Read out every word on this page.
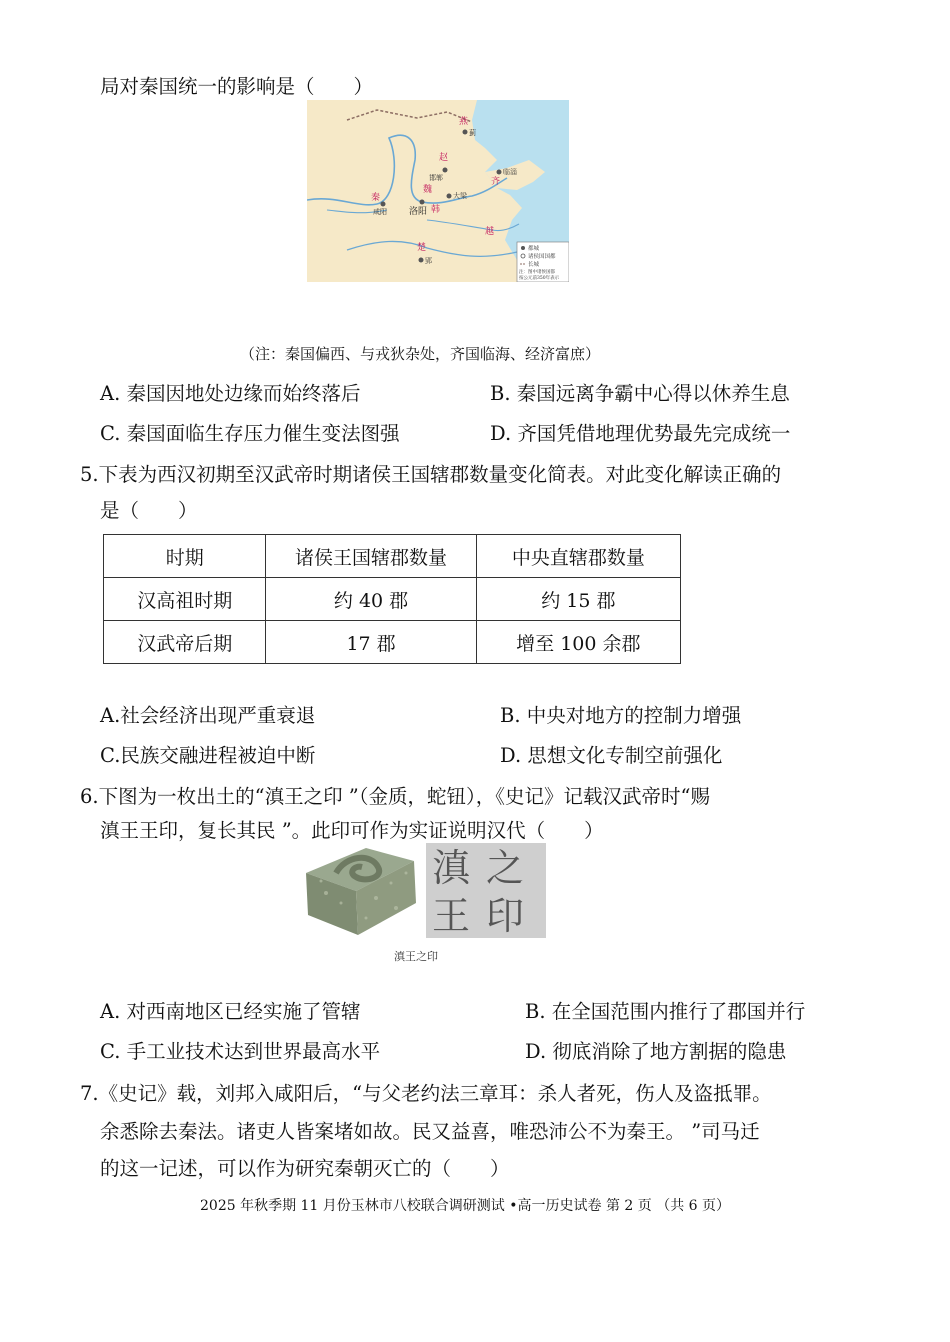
局对秦国统一的影响是（　　）
燕
蓟
赵
邯郸
临淄
齐
魏
大梁
秦
咸阳 洛阳 韩
楚
郢
越
都城
诸侯国国都
长城
注：图中诸侯国都
按公元前350年表示
（注：秦国偏西、与戎狄杂处，齐国临海、经济富庶）
A. 秦国因地处边缘而始终落后	B. 秦国远离争霸中心得以休养生息
C. 秦国面临生存压力催生变法图强	D. 齐国凭借地理优势最先完成统一
5.下表为西汉初期至汉武帝时期诸侯王国辖郡数量变化简表。对此变化解读正确的
是（　　）
时期	诸侯王国辖郡数量	中央直辖郡数量
汉高祖时期	约 40 郡	约 15 郡
汉武帝后期	17 郡	增至 100 余郡
A.社会经济出现严重衰退	B. 中央对地方的控制力增强
C.民族交融进程被迫中断	D. 思想文化专制空前强化
6.下图为一枚出土的“滇王之印 ”（金质，蛇钮），《史记》记载汉武帝时“赐
滇王王印，复长其民 ”。此印可作为实证说明汉代（　　）
滇 之
王 印
滇王之印
A. 对西南地区已经实施了管辖	B. 在全国范围内推行了郡国并行
C. 手工业技术达到世界最高水平	D. 彻底消除了地方割据的隐患
7.《史记》载，刘邦入咸阳后，“与父老约法三章耳：杀人者死，伤人及盗抵罪。
余悉除去秦法。诸吏人皆案堵如故。民又益喜，唯恐沛公不为秦王。 ”司马迁
的这一记述，可以作为研究秦朝灭亡的（　　）
2025 年秋季期 11 月份玉林市八校联合调研测试 •高一历史试卷 第 2 页 （共 6 页）
